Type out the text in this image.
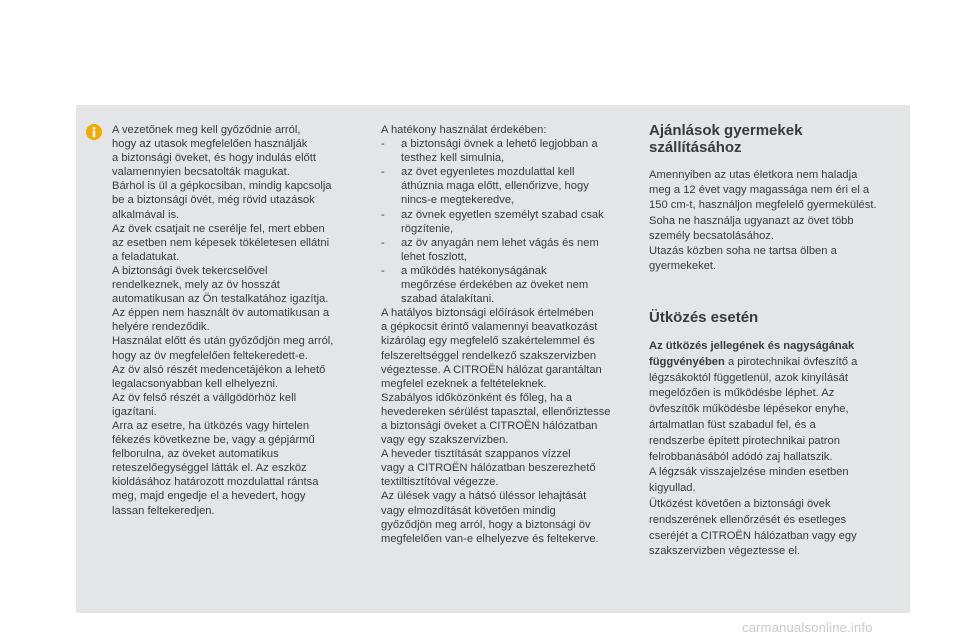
A vezetőnek meg kell győződnie arról,
hogy az utasok megfelelően használják
a biztonsági öveket, és hogy indulás előtt
valamennyien becsatolták magukat.
Bárhol is ül a gépkocsiban, mindig kapcsolja
be a biztonsági övét, még rövid utazások
alkalmával is.
Az övek csatjait ne cserélje fel, mert ebben
az esetben nem képesek tökéletesen ellátni
a feladatukat.
A biztonsági övek tekercselővel
rendelkeznek, mely az öv hosszát
automatikusan az Ön testalkatához igazítja.
Az éppen nem használt öv automatikusan a
helyére rendeződik.
Használat előtt és után győződjön meg arról,
hogy az öv megfelelően feltekeredett-e.
Az öv alsó részét medencetájékon a lehető
legalacsonyabban kell elhelyezni.
Az öv felső részét a vállgödörhöz kell
igazítani.
Arra az esetre, ha ütközés vagy hirtelen
fékezés következne be, vagy a gépjármű
felborulna, az öveket automatikus
reteszelőegységgel látták el. Az eszköz
kioldásához határozott mozdulattal rántsa
meg, majd engedje el a hevedert, hogy
lassan feltekeredjen.
A hatékony használat érdekében:
-	a biztonsági övnek a lehető legjobban a
testhez kell simulnia,
-	az övet egyenletes mozdulattal kell
áthúznia maga előtt, ellenőrizve, hogy
nincs-e megtekeredve,
-	az övnek egyetlen személyt szabad csak
rögzítenie,
-	az öv anyagán nem lehet vágás és nem
lehet foszlott,
-	a működés hatékonyságának
megőrzése érdekében az öveket nem
szabad átalakítani.
A hatályos biztonsági előírások értelmében
a gépkocsit érintő valamennyi beavatkozást
kizárólag egy megfelelő szakértelemmel és
felszereltséggel rendelkező szakszervizben
végeztesse. A CITROËN hálózat garantáltan
megfelel ezeknek a feltételeknek.
Szabályos időközönként és főleg, ha a
hevedereken sérülést tapasztal, ellenőriztesse
a biztonsági öveket a CITROËN hálózatban
vagy egy szakszervizben.
A heveder tisztítását szappanos vízzel
vagy a CITROËN hálózatban beszerezhető
textiltisztítóval végezze.
Az ülések vagy a hátsó üléssor lehajtását
vagy elmozdítását követően mindig
győződjön meg arról, hogy a biztonsági öv
megfelelően van-e elhelyezve és feltekerve.
Ajánlások gyermekek
szállításához
Amennyiben az utas életkora nem haladja
meg a 12 évet vagy magassága nem éri el a
150 cm-t, használjon megfelelő gyermekülést.
Soha ne használja ugyanazt az övet több
személy becsatolásához.
Utazás közben soha ne tartsa ölben a
gyermekeket.
Ütközés esetén
Az ütközés jellegének és nagyságának
függvényében a pirotechnikai övfeszítő a
légzsákoktól függetlenül, azok kinyílását
megelőzően is működésbe léphet. Az
övfeszítők működésbe lépésekor enyhe,
ártalmatlan füst szabadul fel, és a
rendszerbe épített pirotechnikai patron
felrobbanásából adódó zaj hallatszik.
A légzsák visszajelzése minden esetben
kigyullad.
Ütközést követően a biztonsági övek
rendszerének ellenőrzését és esetleges
cseréjét a CITROËN hálózatban vagy egy
szakszervizben végeztesse el.
carmanualsonline.info
